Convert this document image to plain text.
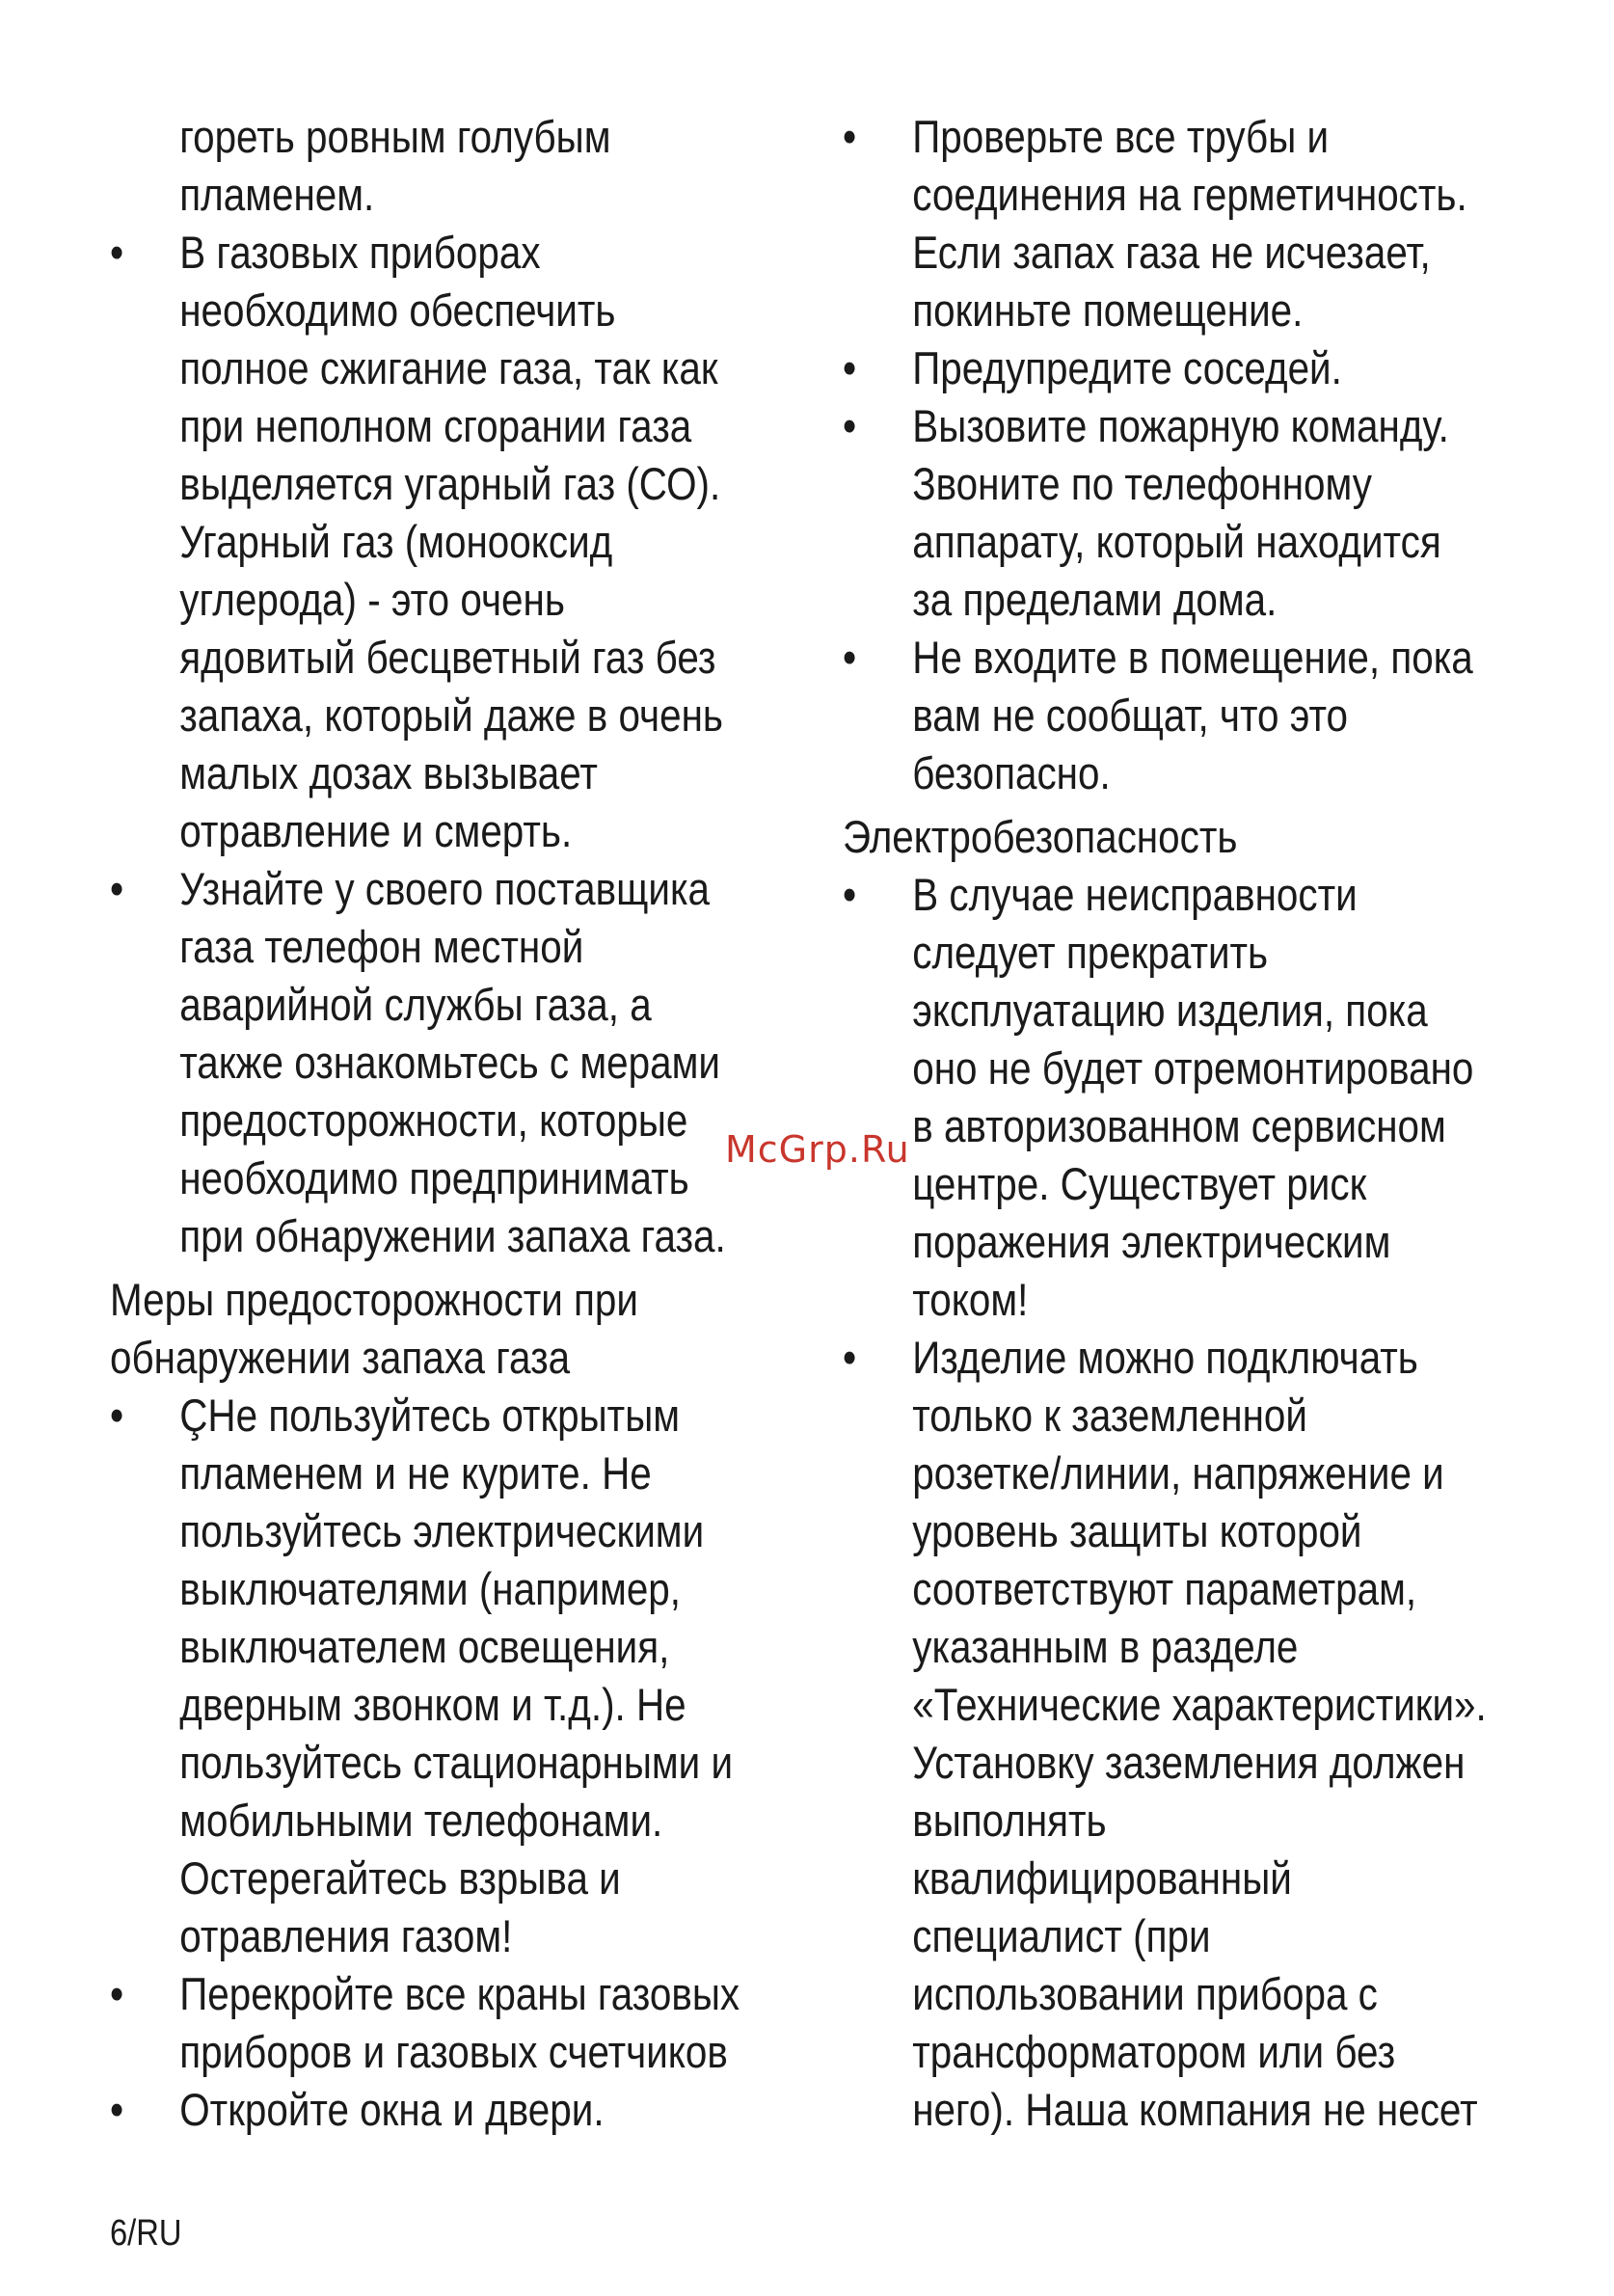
гореть ровным голубым
пламенем.
•	В газовых приборах
необходимо обеспечить
полное сжигание газа, так как
при неполном сгорании газа
выделяется угарный газ (СО).
Угарный газ (монооксид
углерода) - это очень
ядовитый бесцветный газ без
запаха, который даже в очень
малых дозах вызывает
отравление и смерть.
•	Узнайте у своего поставщика
газа телефон местной
аварийной службы газа, а
также ознакомьтесь с мерами
предосторожности, которые
необходимо предпринимать
при обнаружении запаха газа.
Меры предосторожности при
обнаружении запаха газа
•	ÇНе пользуйтесь открытым
пламенем и не курите. Не
пользуйтесь электрическими
выключателями (например,
выключателем освещения,
дверным звонком и т.д.). Не
пользуйтесь стационарными и
мобильными телефонами.
Остерегайтесь взрыва и
отравления газом!
•	Перекройте все краны газовых
приборов и газовых счетчиков
•	Откройте окна и двери.
•	Проверьте все трубы и
соединения на герметичность.
Если запах газа не исчезает,
покиньте помещение.
•	Предупредите соседей.
•	Вызовите пожарную команду.
Звоните по телефонному
аппарату, который находится
за пределами дома.
•	Не входите в помещение, пока
вам не сообщат, что это
безопасно.
Электробезопасность
•	В случае неисправности
следует прекратить
эксплуатацию изделия, пока
оно не будет отремонтировано
в авторизованном сервисном
центре. Существует риск
поражения электрическим
током!
•	Изделие можно подключать
только к заземленной
розетке/линии, напряжение и
уровень защиты которой
соответствуют параметрам,
указанным в разделе
«Технические характеристики».
Установку заземления должен
выполнять
квалифицированный
специалист (при
использовании прибора с
трансформатором или без
него). Наша компания не несет
McGrp.Ru
6/RU
